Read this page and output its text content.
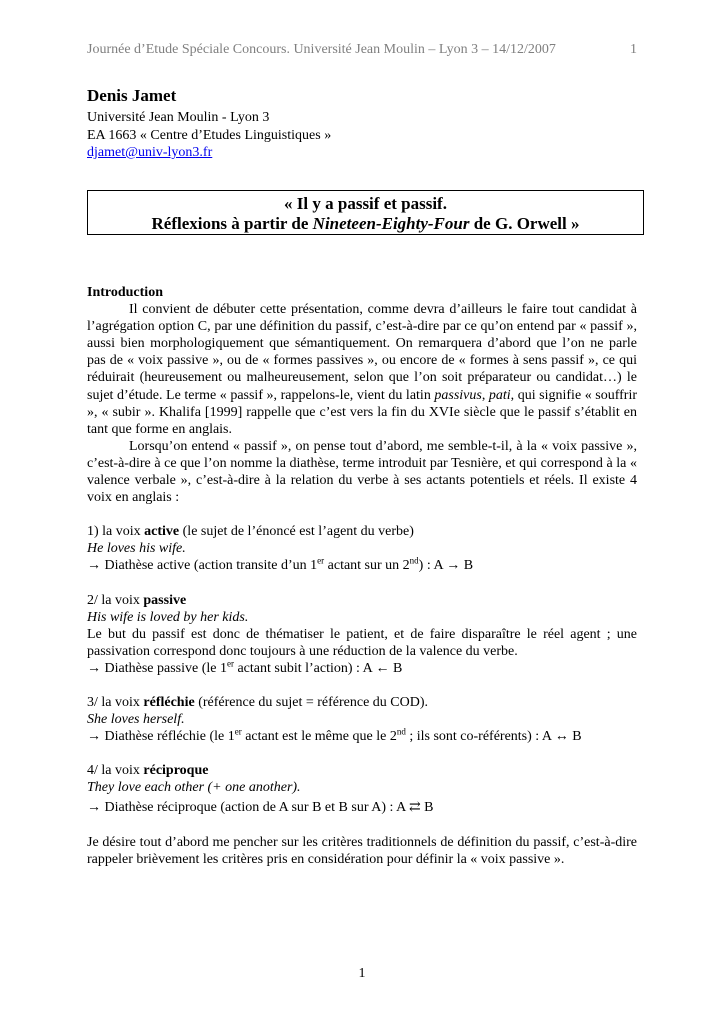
Journée d’Etude Spéciale Concours. Université Jean Moulin – Lyon 3 – 14/12/2007	1
Denis Jamet
Université Jean Moulin - Lyon 3
EA 1663 « Centre d’Etudes Linguistiques »
djamet@univ-lyon3.fr
« Il y a passif et passif.
Réflexions à partir de Nineteen-Eighty-Four de G. Orwell »

Introduction

Il convient de débuter cette présentation, comme devra d’ailleurs le faire tout candidat à l’agrégation option C, par une définition du passif, c’est-à-dire par ce qu’on entend par « passif », aussi bien morphologiquement que sémantiquement. On remarquera d’abord que l’on ne parle pas de « voix passive », ou de « formes passives », ou encore de « formes à sens passif », ce qui réduirait (heureusement ou malheureusement, selon que l’on soit préparateur ou candidat…) le sujet d’étude. Le terme « passif », rappelons-le, vient du latin passivus, pati, qui signifie « souffrir », « subir ». Khalifa [1999] rappelle que c’est vers la fin du XVIe siècle que le passif s’établit en tant que forme en anglais.

Lorsqu’on entend « passif », on pense tout d’abord, me semble-t-il, à la « voix passive », c’est-à-dire à ce que l’on nomme la diathèse, terme introduit par Tesnière, et qui correspond à la « valence verbale », c’est-à-dire à la relation du verbe à ses actants potentiels et réels. Il existe 4 voix en anglais :

1) la voix active (le sujet de l’énoncé est l’agent du verbe)

He loves his wife.

→ Diathèse active (action transite d’un 1er actant sur un 2nd) : A → B

2/ la voix passive

His wife is loved by her kids.

Le but du passif est donc de thématiser le patient, et de faire disparaître le réel agent ; une passivation correspond donc toujours à une réduction de la valence du verbe.

→ Diathèse passive (le 1er actant subit l’action) : A ← B

3/ la voix réfléchie (référence du sujet = référence du COD).

She loves herself.

→ Diathèse réfléchie (le 1er actant est le même que le 2nd ; ils sont co-référents) : A ↔ B

4/ la voix réciproque

They love each other (+ one another).

→ Diathèse réciproque (action de A sur B et B sur A) : A ⇄ B

Je désire tout d’abord me pencher sur les critères traditionnels de définition du passif, c’est-à-dire rappeler brièvement les critères pris en considération pour définir la « voix passive ».

1
